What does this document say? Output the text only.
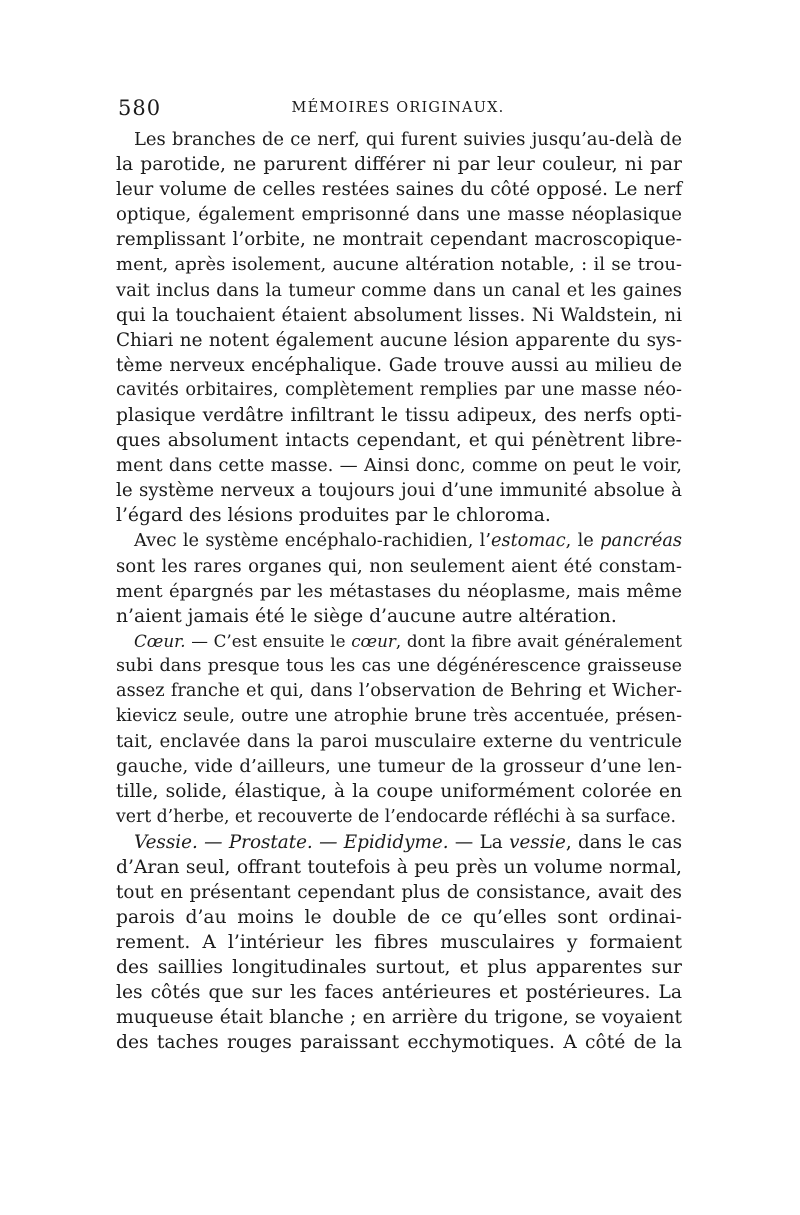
580	MÉMOIRES ORIGINAUX.
Les branches de ce nerf, qui furent suivies jusqu’au-delà de
la parotide, ne parurent différer ni par leur couleur, ni par
leur volume de celles restées saines du côté opposé. Le nerf
optique, également emprisonné dans une masse néoplasique
remplissant l’orbite, ne montrait cependant macroscopique-
ment, après isolement, aucune altération notable, : il se trou-
vait inclus dans la tumeur comme dans un canal et les gaines
qui la touchaient étaient absolument lisses. Ni Waldstein, ni
Chiari ne notent également aucune lésion apparente du sys-
tème nerveux encéphalique. Gade trouve aussi au milieu de
cavités orbitaires, complètement remplies par une masse néo-
plasique verdâtre infiltrant le tissu adipeux, des nerfs opti-
ques absolument intacts cependant, et qui pénètrent libre-
ment dans cette masse. — Ainsi donc, comme on peut le voir,
le système nerveux a toujours joui d’une immunité absolue à
l’égard des lésions produites par le chloroma.
Avec le système encéphalo-rachidien, l’estomac, le pancréas
sont les rares organes qui, non seulement aient été constam-
ment épargnés par les métastases du néoplasme, mais même
n’aient jamais été le siège d’aucune autre altération.
Cœur. — C’est ensuite le cœur, dont la fibre avait généralement
subi dans presque tous les cas une dégénérescence graisseuse
assez franche et qui, dans l’observation de Behring et Wicher-
kievicz seule, outre une atrophie brune très accentuée, présen-
tait, enclavée dans la paroi musculaire externe du ventricule
gauche, vide d’ailleurs, une tumeur de la grosseur d’une len-
tille, solide, élastique, à la coupe uniformément colorée en
vert d’herbe, et recouverte de l’endocarde réfléchi à sa surface.
Vessie. — Prostate. — Epididyme. — La vessie, dans le cas
d’Aran seul, offrant toutefois à peu près un volume normal,
tout en présentant cependant plus de consistance, avait des
parois d’au moins le double de ce qu’elles sont ordinai-
rement. A l’intérieur les fibres musculaires y formaient
des saillies longitudinales surtout, et plus apparentes sur
les côtés que sur les faces antérieures et postérieures. La
muqueuse était blanche ; en arrière du trigone, se voyaient
des taches rouges paraissant ecchymotiques. A côté de la
